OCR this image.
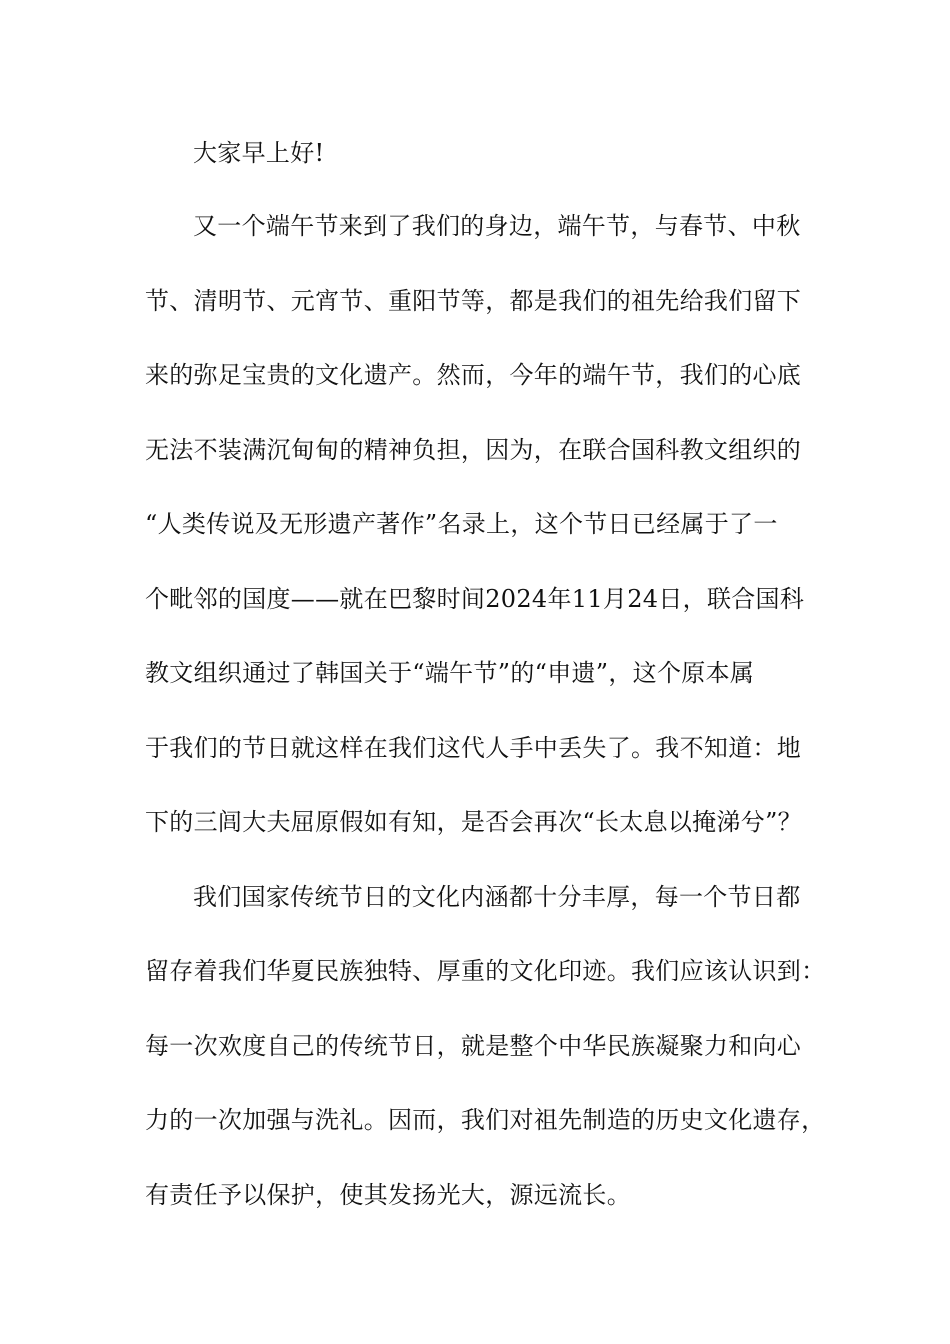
大家早上好!
又一个端午节来到了我们的身边，端午节，与春节、中秋
节、清明节、元宵节、重阳节等，都是我们的祖先给我们留下
来的弥足宝贵的文化遗产。然而，今年的端午节，我们的心底
无法不装满沉甸甸的精神负担，因为，在联合国科教文组织的
“人类传说及无形遗产著作”名录上，这个节日已经属于了一
个毗邻的国度——就在巴黎时间2024年11月24日，联合国科
教文组织通过了韩国关于“端午节”的“申遗”，这个原本属
于我们的节日就这样在我们这代人手中丢失了。我不知道：地
下的三闾大夫屈原假如有知，是否会再次“长太息以掩涕兮”？
我们国家传统节日的文化内涵都十分丰厚，每一个节日都
留存着我们华夏民族独特、厚重的文化印迹。我们应该认识到：
每一次欢度自己的传统节日，就是整个中华民族凝聚力和向心
力的一次加强与洗礼。因而，我们对祖先制造的历史文化遗存，
有责任予以保护，使其发扬光大，源远流长。
